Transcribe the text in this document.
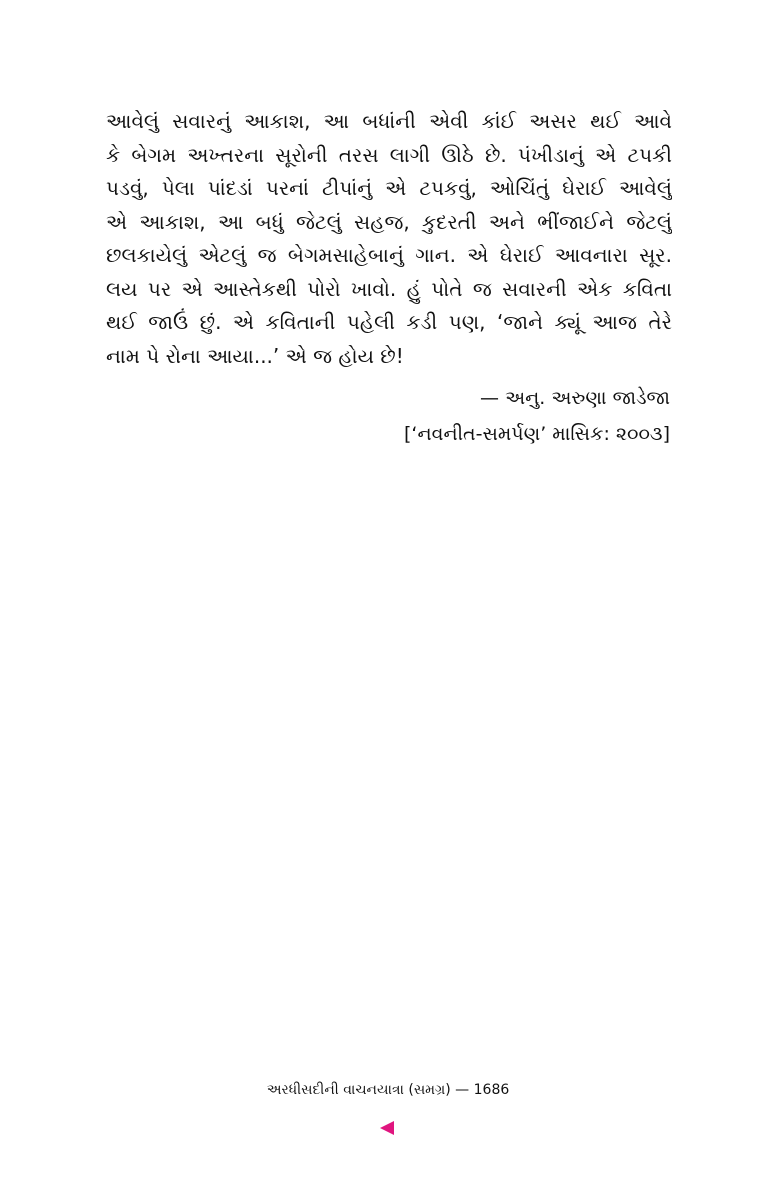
આવેલું સવારનું આકાશ, આ બધાંની એવી કાંઈ અસર થઈ આવે
કે બેગમ અખ્તરના સૂરોની તરસ લાગી ઊઠે છે. પંખીડાનું એ ટપકી
પડવું, પેલા પાંદડાં પરનાં ટીપાંનું એ ટપકવું, ઓચિંતું ઘેરાઈ આવેલું
એ આકાશ, આ બધું જેટલું સહજ, કુદરતી અને ભીંજાઈને જેટલું
છલકાયેલું એટલું જ બેગમસાહેબાનું ગાન. એ ઘેરાઈ આવનારા સૂર.
લય પર એ આસ્તેકથી પોરો ખાવો. હું પોતે જ સવારની એક કવિતા
થઈ જાઉં છું. એ કવિતાની પહેલી કડી પણ, ‘જાને ક્યૂં આજ તેરે
નામ પે રોના આયા...’ એ જ હોય છે!
— અનુ. અરુણા જાડેજા
[‘નવનીત-સમર્પણ’ માસિક: ૨૦૦૩]
અરધીસદીની વાચનયાત્રા (સમગ્ર) — 1686
